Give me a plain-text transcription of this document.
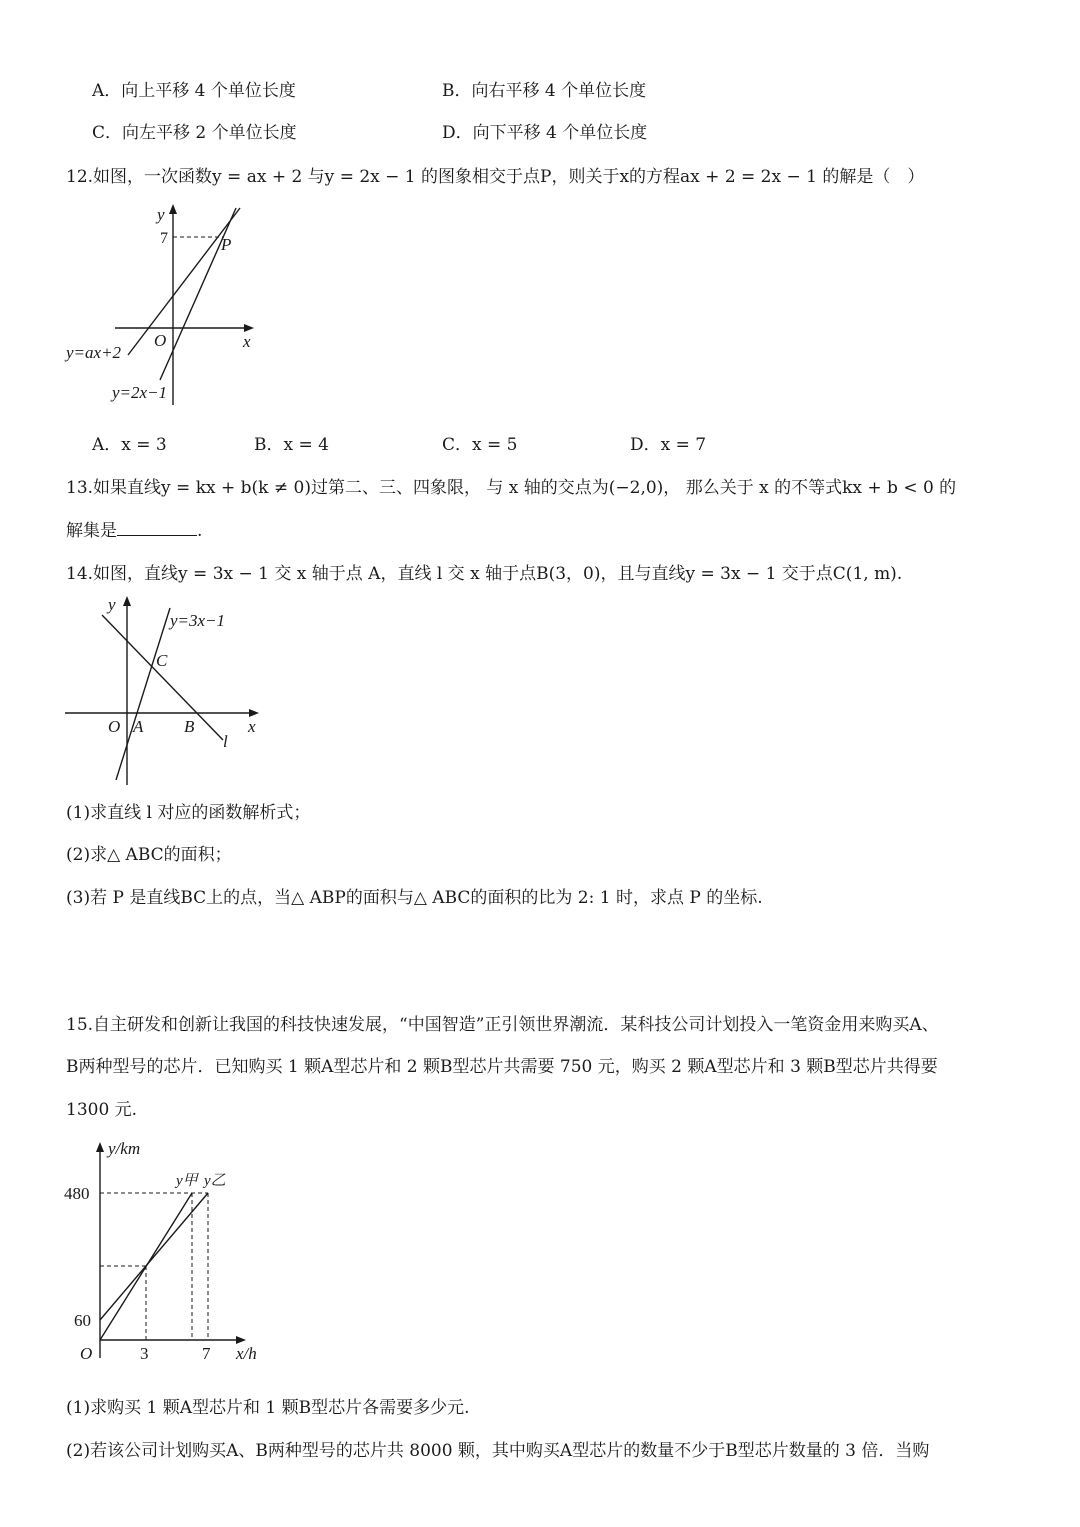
A．向上平移 4 个单位长度	B．向右平移 4 个单位长度
C．向左平移 2 个单位长度	D．向下平移 4 个单位长度
12.如图，一次函数y = ax + 2 与y = 2x − 1 的图象相交于点P，则关于x的方程ax + 2 = 2x − 1 的解是（　）
y
7	P
x
O
y=ax+2
y=2x−1
A．x = 3	B．x = 4	C．x = 5	D．x = 7
13.如果直线y = kx + b(k ≠ 0)过第二、三、四象限， 与 x 轴的交点为(−2,0)， 那么关于 x 的不等式kx + b < 0 的
解集是	.
14.如图，直线y = 3x − 1 交 x 轴于点 A，直线 l 交 x 轴于点B(3，0)，且与直线y = 3x − 1 交于点C(1, m).
y
y=3x−1
C
O A B	x
l
(1)求直线 l 对应的函数解析式；
(2)求△ ABC的面积；
(3)若 P 是直线BC上的点，当△ ABP的面积与△ ABC的面积的比为 2: 1 时，求点 P 的坐标.
15.自主研发和创新让我国的科技快速发展，“中国智造”正引领世界潮流．某科技公司计划投入一笔资金用来购买A、
B两种型号的芯片．已知购买 1 颗A型芯片和 2 颗B型芯片共需要 750 元，购买 2 颗A型芯片和 3 颗B型芯片共得要
1300 元.
y/km
480
60
O	3	7 x/h
y甲 y乙
(1)求购买 1 颗A型芯片和 1 颗B型芯片各需要多少元.
(2)若该公司计划购买A、B两种型号的芯片共 8000 颗，其中购买A型芯片的数量不少于B型芯片数量的 3 倍．当购
